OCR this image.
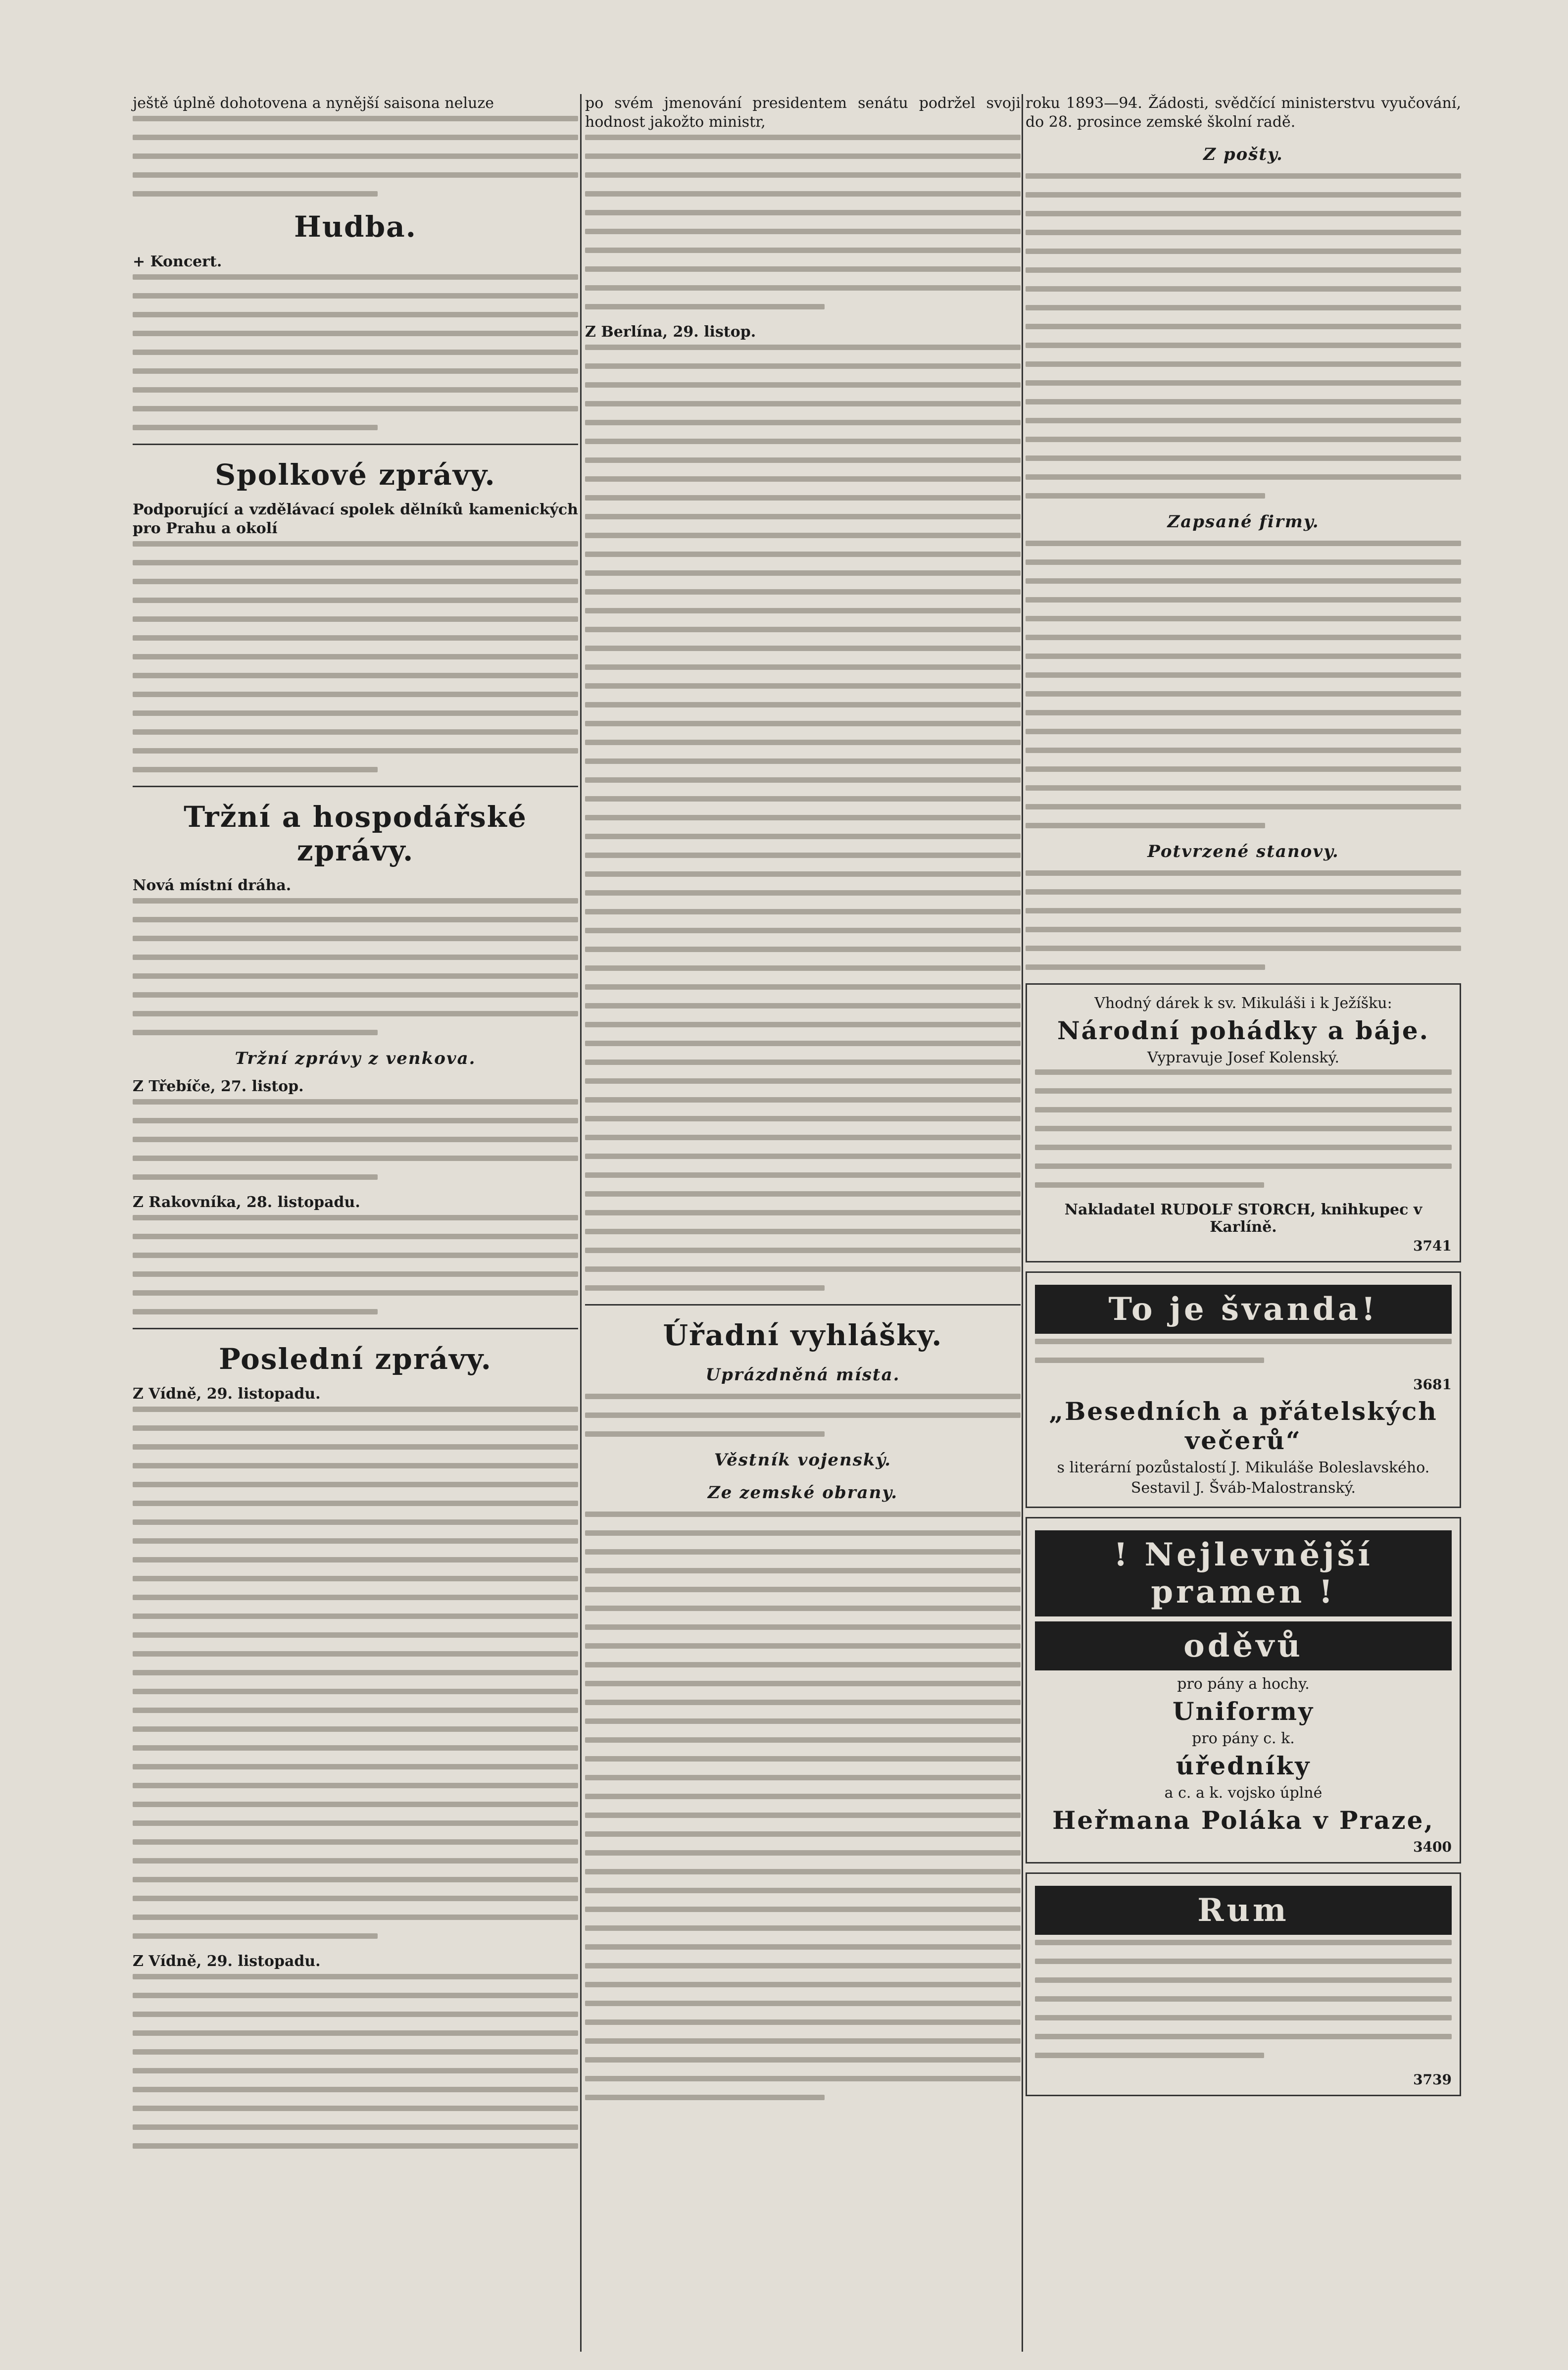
ještě úplně dohotovena a nynější saisona neluze

Hudba.

+ Koncert.

Spolkové zprávy.

Podporující a vzdělávací spolek dělníků kamenických pro Prahu a okolí

Tržní a hospodářské zprávy.

Nová místní dráha.

Tržní zprávy z venkova.

Z Třebíče, 27. listop.

Z Rakovníka, 28. listopadu.

Poslední zprávy.

Z Vídně, 29. listopadu.

Z Vídně, 29. listopadu.

po svém jmenování presidentem senátu podržel svoji hodnost jakožto ministr,

Z Berlína, 29. listop.

Úřadní vyhlášky.
Uprázdněná místa.
Věstník vojenský.
Ze zemské obrany.

roku 1893—94. Žádosti, svědčící ministerstvu vyučování, do 28. prosince zemské školní radě.

Z pošty.
Zapsané firmy.
Potvrzené stanovy.
Vhodný dárek k sv. Mikuláši i k Ježíšku:
Národní pohádky a báje.
Vypravuje Josef Kolenský.
Nakladatel RUDOLF STORCH, knihkupec v Karlíně.
3741
To je švanda!
3681
„Besedních a přátelských večerů“
s literární pozůstalostí J. Mikuláše Boleslavského.
Sestavil J. Šváb-Malostranský.
! Nejlevnější pramen !
oděvů
pro pány a hochy.
Uniformy
pro pány c. k.
úředníky
a c. a k. vojsko úplné
Heřmana Poláka v Praze,
3400
Rum
3739
